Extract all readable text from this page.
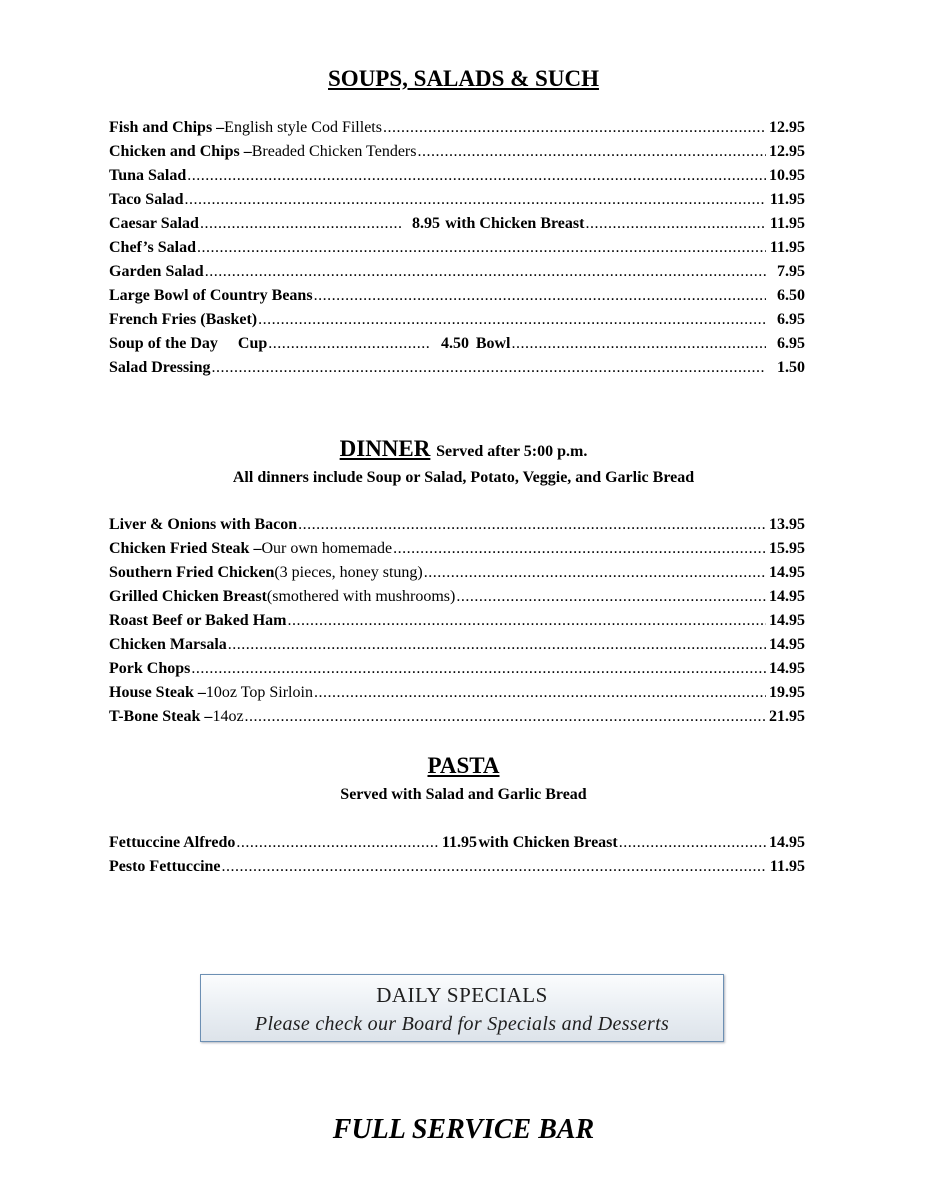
SOUPS, SALADS & SUCH
Fish and Chips – English style Cod Fillets .....	12.95
Chicken and Chips – Breaded Chicken Tenders .....	12.95
Tuna Salad .....	10.95
Taco Salad .....	11.95
Caesar Salad .....	8.95 with Chicken Breast .....	11.95
Chef’s Salad .....	11.95
Garden Salad .....	7.95
Large Bowl of Country Beans .....	6.50
French Fries (Basket) .....	6.95
Soup of the Day     Cup .....	4.50 Bowl .....	6.95
Salad Dressing .....	1.50
DINNER Served after 5:00 p.m.
All dinners include Soup or Salad, Potato, Veggie, and Garlic Bread
Liver & Onions with Bacon .....	13.95
Chicken Fried Steak – Our own homemade .....	15.95
Southern Fried Chicken (3 pieces, honey stung) .....	14.95
Grilled Chicken Breast (smothered with mushrooms) .....	14.95
Roast Beef or Baked Ham .....	14.95
Chicken Marsala .....	14.95
Pork Chops .....	14.95
House Steak – 10oz Top Sirloin .....	19.95
T-Bone Steak – 14oz .....	21.95
PASTA
Served with Salad and Garlic Bread
Fettuccine Alfredo .....	11.95 with Chicken Breast .....	14.95
Pesto Fettuccine .....	11.95
DAILY SPECIALS
Please check our Board for Specials and Desserts
FULL SERVICE BAR
